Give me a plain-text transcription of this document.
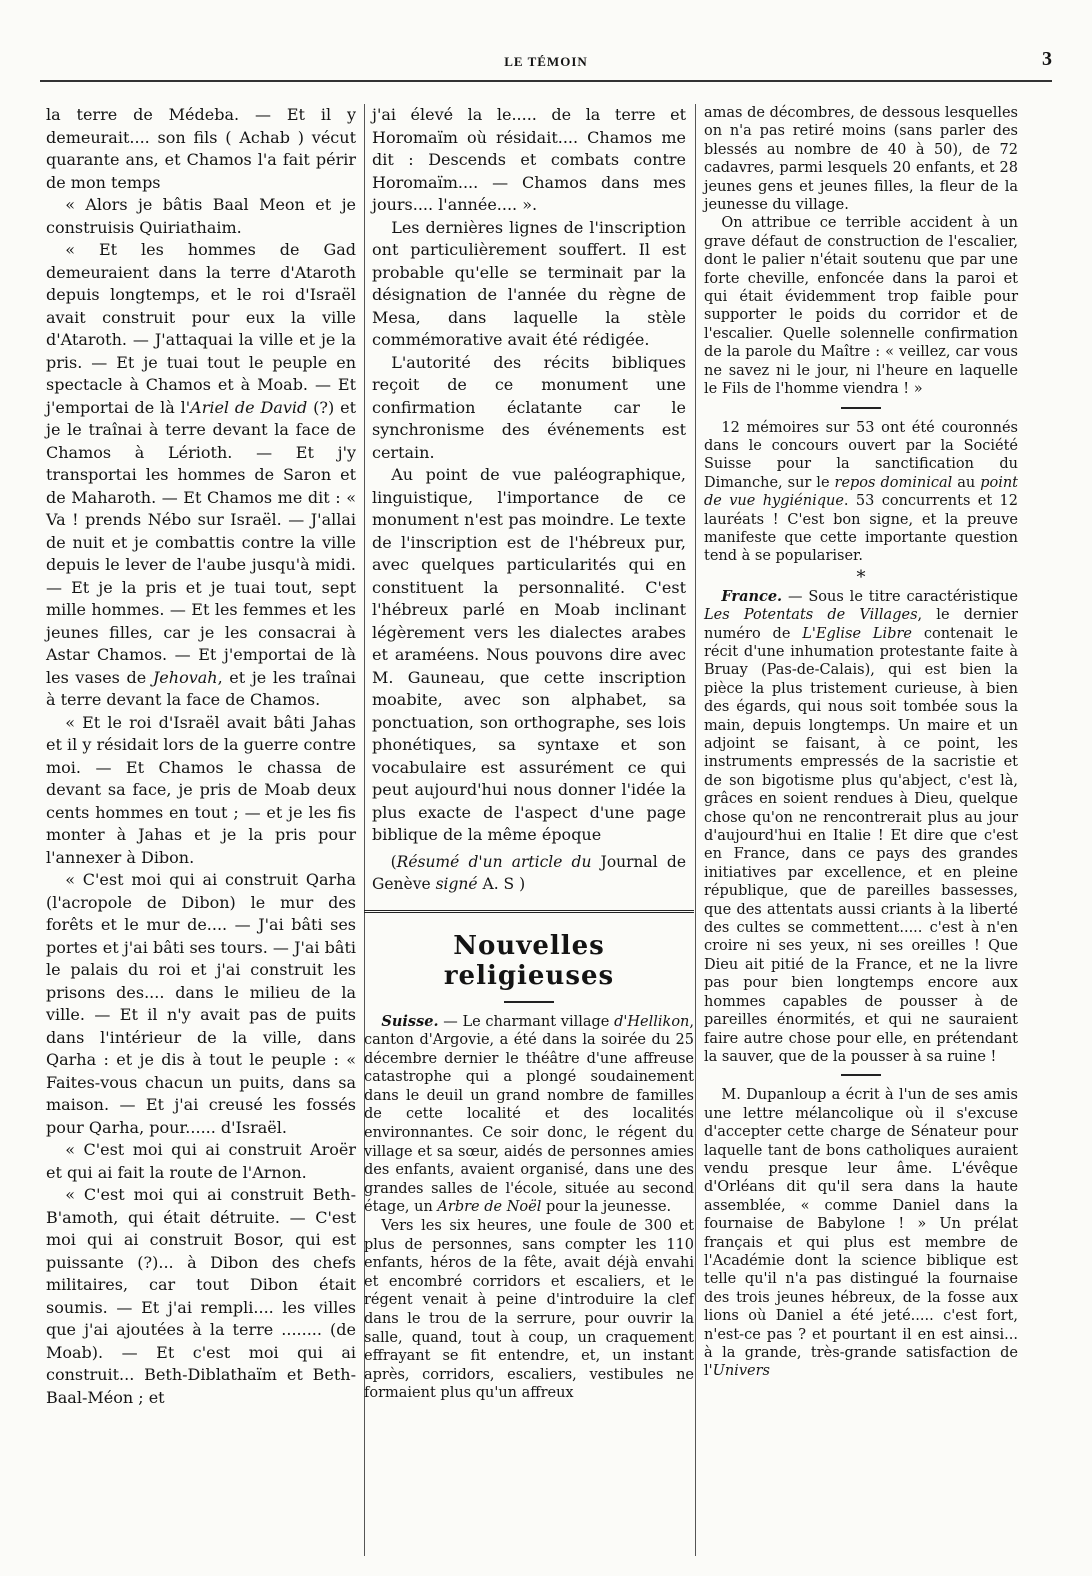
LE TÉMOIN	3

la terre de Médeba. — Et il y demeurait.... son fils ( Achab ) vécut quarante ans, et Chamos l'a fait périr de mon temps

« Alors je bâtis Baal Meon et je construisis Quiriathaim.

« Et les hommes de Gad demeuraient dans la terre d'Ataroth depuis longtemps, et le roi d'Israël avait construit pour eux la ville d'Ataroth. — J'attaquai la ville et je la pris. — Et je tuai tout le peuple en spectacle à Chamos et à Moab. — Et j'emportai de là l'Ariel de David (?) et je le traînai à terre devant la face de Chamos à Lérioth. — Et j'y transportai les hommes de Saron et de Maharoth. — Et Chamos me dit : « Va ! prends Nébo sur Israël. — J'allai de nuit et je combattis contre la ville depuis le lever de l'aube jusqu'à midi. — Et je la pris et je tuai tout, sept mille hommes. — Et les femmes et les jeunes filles, car je les consacrai à Astar Chamos. — Et j'emportai de là les vases de Jehovah, et je les traînai à terre devant la face de Chamos.

« Et le roi d'Israël avait bâti Jahas et il y résidait lors de la guerre contre moi. — Et Chamos le chassa de devant sa face, je pris de Moab deux cents hommes en tout ; — et je les fis monter à Jahas et je la pris pour l'annexer à Dibon.

« C'est moi qui ai construit Qarha (l'acropole de Dibon) le mur des forêts et le mur de.... — J'ai bâti ses portes et j'ai bâti ses tours. — J'ai bâti le palais du roi et j'ai construit les prisons des.... dans le milieu de la ville. — Et il n'y avait pas de puits dans l'intérieur de la ville, dans Qarha : et je dis à tout le peuple : « Faites-vous chacun un puits, dans sa maison. — Et j'ai creusé les fossés pour Qarha, pour...... d'Israël.

« C'est moi qui ai construit Aroër et qui ai fait la route de l'Arnon.

« C'est moi qui ai construit Beth-B'amoth, qui était détruite. — C'est moi qui ai construit Bosor, qui est puissante (?)... à Dibon des chefs militaires, car tout Dibon était soumis. — Et j'ai rempli.... les villes que j'ai ajoutées à la terre ........ (de Moab). — Et c'est moi qui ai construit... Beth-Diblathaïm et Beth-Baal-Méon ; et

j'ai élevé la le..... de la terre et Horomaïm où résidait.... Chamos me dit : Descends et combats contre Horomaïm.... — Chamos dans mes jours.... l'année.... ».

Les dernières lignes de l'inscription ont particulièrement souffert. Il est probable qu'elle se terminait par la désignation de l'année du règne de Mesa, dans laquelle la stèle commémorative avait été rédigée.

L'autorité des récits bibliques reçoit de ce monument une confirmation éclatante car le synchronisme des événements est certain.

Au point de vue paléographique, linguistique, l'importance de ce monument n'est pas moindre. Le texte de l'inscription est de l'hébreux pur, avec quelques particularités qui en constituent la personnalité. C'est l'hébreux parlé en Moab inclinant légèrement vers les dialectes arabes et araméens. Nous pouvons dire avec M. Gauneau, que cette inscription moabite, avec son alphabet, sa ponctuation, son orthographe, ses lois phonétiques, sa syntaxe et son vocabulaire est assurément ce qui peut aujourd'hui nous donner l'idée la plus exacte de l'aspect d'une page biblique de la même époque

(Résumé d'un article du Journal de Genève signé A. S )

Nouvelles religieuses

Suisse. — Le charmant village d'Hellikon, canton d'Argovie, a été dans la soirée du 25 décembre dernier le théâtre d'une affreuse catastrophe qui a plongé soudainement dans le deuil un grand nombre de familles de cette localité et des localités environnantes. Ce soir donc, le régent du village et sa sœur, aidés de personnes amies des enfants, avaient organisé, dans une des grandes salles de l'école, située au second étage, un Arbre de Noël pour la jeunesse.

Vers les six heures, une foule de 300 et plus de personnes, sans compter les 110 enfants, héros de la fête, avait déjà envahi et encombré corridors et escaliers, et le régent venait à peine d'introduire la clef dans le trou de la serrure, pour ouvrir la salle, quand, tout à coup, un craquement effrayant se fit entendre, et, un instant après, corridors, escaliers, vestibules ne formaient plus qu'un affreux

amas de décombres, de dessous lesquelles on n'a pas retiré moins (sans parler des blessés au nombre de 40 à 50), de 72 cadavres, parmi lesquels 20 enfants, et 28 jeunes gens et jeunes filles, la fleur de la jeunesse du village.

On attribue ce terrible accident à un grave défaut de construction de l'escalier, dont le palier n'était soutenu que par une forte cheville, enfoncée dans la paroi et qui était évidemment trop faible pour supporter le poids du corridor et de l'escalier. Quelle solennelle confirmation de la parole du Maître : « veillez, car vous ne savez ni le jour, ni l'heure en laquelle le Fils de l'homme viendra ! »

12 mémoires sur 53 ont été couronnés dans le concours ouvert par la Société Suisse pour la sanctification du Dimanche, sur le repos dominical au point de vue hygiénique. 53 concurrents et 12 lauréats ! C'est bon signe, et la preuve manifeste que cette importante question tend à se populariser.

*

France. — Sous le titre caractéristique Les Potentats de Villages, le dernier numéro de L'Eglise Libre contenait le récit d'une inhumation protestante faite à Bruay (Pas-de-Calais), qui est bien la pièce la plus tristement curieuse, à bien des égards, qui nous soit tombée sous la main, depuis longtemps. Un maire et un adjoint se faisant, à ce point, les instruments empressés de la sacristie et de son bigotisme plus qu'abject, c'est là, grâces en soient rendues à Dieu, quelque chose qu'on ne rencontrerait plus au jour d'aujourd'hui en Italie ! Et dire que c'est en France, dans ce pays des grandes initiatives par excellence, et en pleine république, que de pareilles bassesses, que des attentats aussi criants à la liberté des cultes se commettent..... c'est à n'en croire ni ses yeux, ni ses oreilles ! Que Dieu ait pitié de la France, et ne la livre pas pour bien longtemps encore aux hommes capables de pousser à de pareilles énormités, et qui ne sauraient faire autre chose pour elle, en prétendant la sauver, que de la pousser à sa ruine !

M. Dupanloup a écrit à l'un de ses amis une lettre mélancolique où il s'excuse d'accepter cette charge de Sénateur pour laquelle tant de bons catholiques auraient vendu presque leur âme. L'évêque d'Orléans dit qu'il sera dans la haute assemblée, « comme Daniel dans la fournaise de Babylone ! » Un prélat français et qui plus est membre de l'Académie dont la science biblique est telle qu'il n'a pas distingué la fournaise des trois jeunes hébreux, de la fosse aux lions où Daniel a été jeté..... c'est fort, n'est-ce pas ? et pourtant il en est ainsi... à la grande, très-grande satisfaction de l'Univers
